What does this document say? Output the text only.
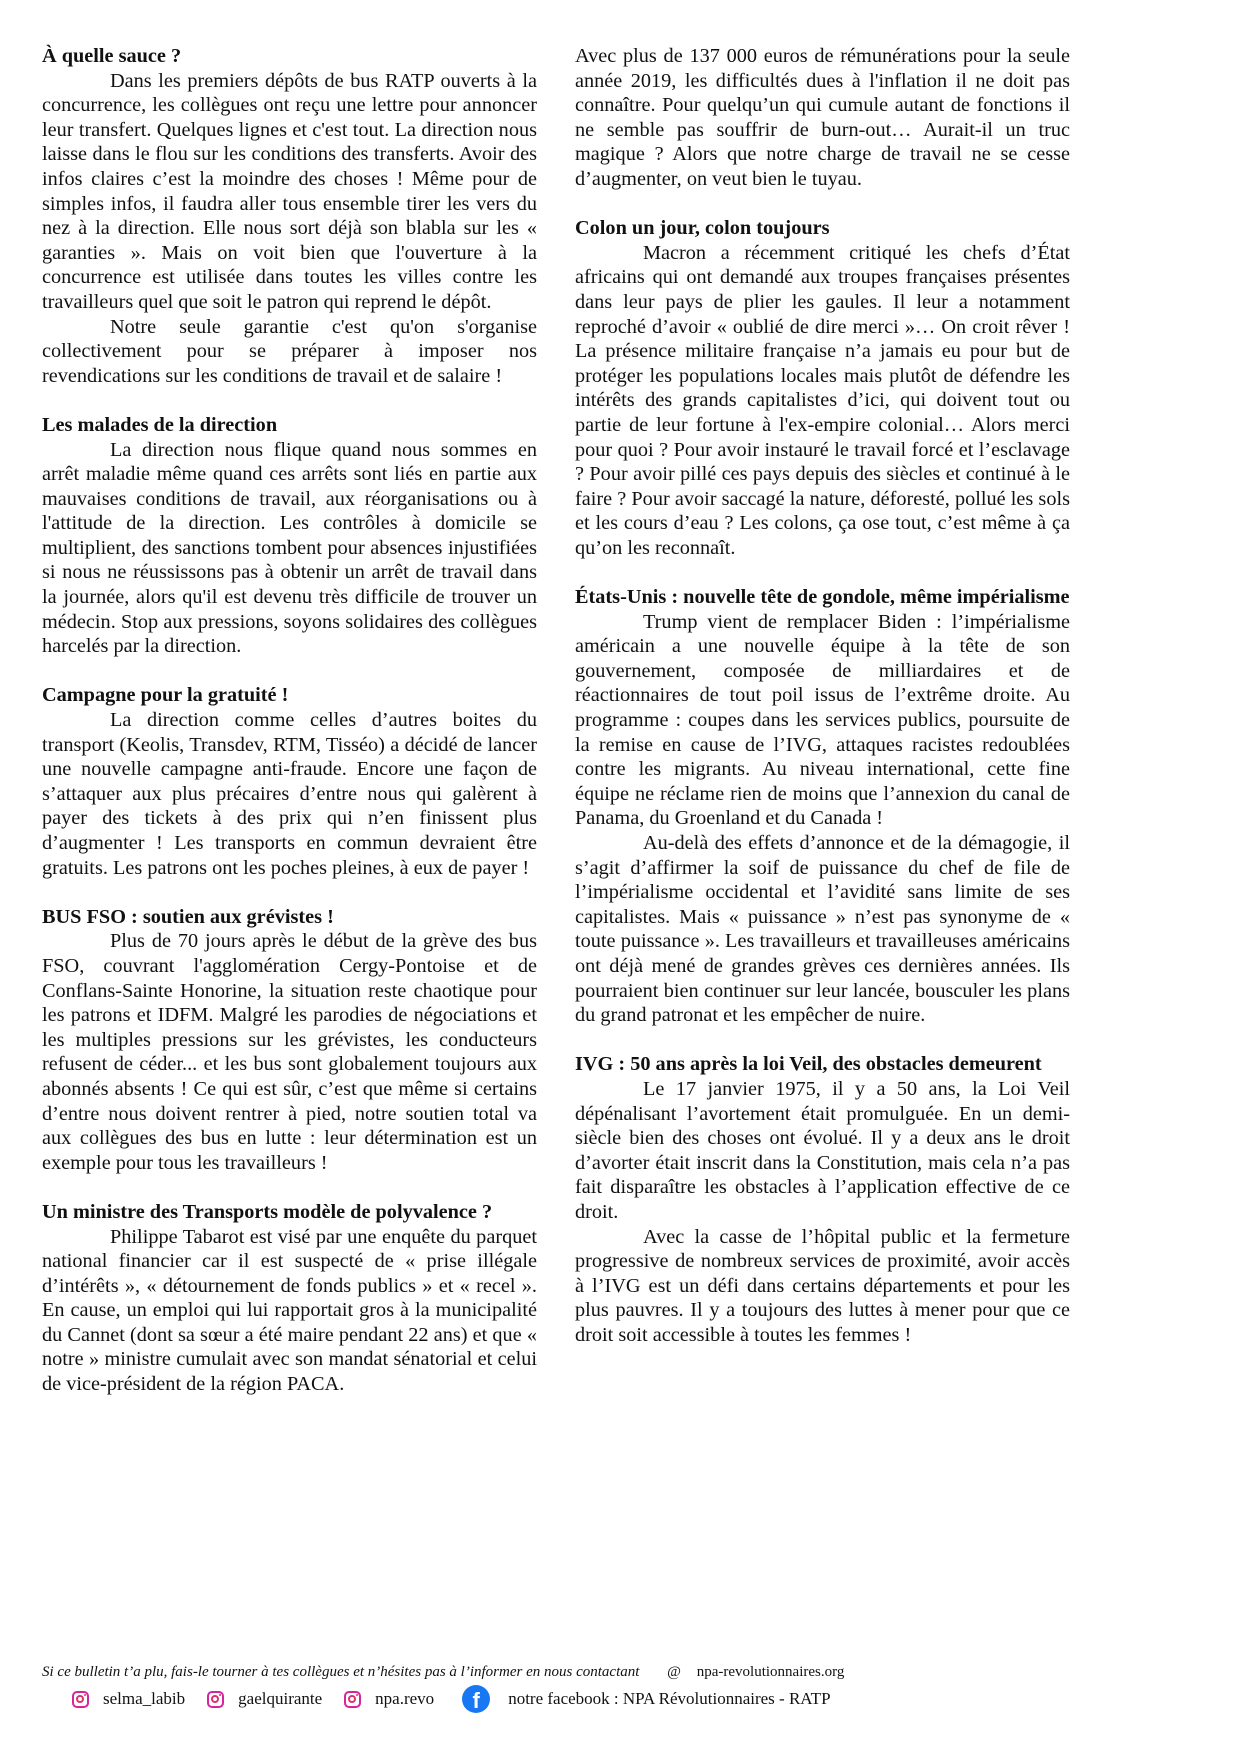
À quelle sauce ?

Dans les premiers dépôts de bus RATP ouverts à la concurrence, les collègues ont reçu une lettre pour annoncer leur transfert. Quelques lignes et c'est tout. La direction nous laisse dans le flou sur les conditions des transferts. Avoir des infos claires c’est la moindre des choses ! Même pour de simples infos, il faudra aller tous ensemble tirer les vers du nez à la direction. Elle nous sort déjà son blabla sur les « garanties ». Mais on voit bien que l'ouverture à la concurrence est utilisée dans toutes les villes contre les travailleurs quel que soit le patron qui reprend le dépôt.

Notre seule garantie c'est qu'on s'organise collectivement pour se préparer à imposer nos revendications sur les conditions de travail et de salaire !

Les malades de la direction

La direction nous flique quand nous sommes en arrêt maladie même quand ces arrêts sont liés en partie aux mauvaises conditions de travail, aux réorganisations ou à l'attitude de la direction. Les contrôles à domicile se multiplient, des sanctions tombent pour absences injustifiées si nous ne réussissons pas à obtenir un arrêt de travail dans la journée, alors qu'il est devenu très difficile de trouver un médecin. Stop aux pressions, soyons solidaires des collègues harcelés par la direction.

Campagne pour la gratuité !

La direction comme celles d’autres boites du transport (Keolis, Transdev, RTM, Tisséo) a décidé de lancer une nouvelle campagne anti-fraude. Encore une façon de s’attaquer aux plus précaires d’entre nous qui galèrent à payer des tickets à des prix qui n’en finissent plus d’augmenter ! Les transports en commun devraient être gratuits. Les patrons ont les poches pleines, à eux de payer !

BUS FSO : soutien aux grévistes !

Plus de 70 jours après le début de la grève des bus FSO, couvrant l'agglomération Cergy-Pontoise et de Conflans-Sainte Honorine, la situation reste chaotique pour les patrons et IDFM. Malgré les parodies de négociations et les multiples pressions sur les grévistes, les conducteurs refusent de céder... et les bus sont globalement toujours aux abonnés absents ! Ce qui est sûr, c’est que même si certains d’entre nous doivent rentrer à pied, notre soutien total va aux collègues des bus en lutte : leur détermination est un exemple pour tous les travailleurs !

Un ministre des Transports modèle de polyvalence ?

Philippe Tabarot est visé par une enquête du parquet national financier car il est suspecté de « prise illégale d’intérêts », « détournement de fonds publics » et « recel ». En cause, un emploi qui lui rapportait gros à la municipalité du Cannet (dont sa sœur a été maire pendant 22 ans) et que « notre » ministre cumulait avec son mandat sénatorial et celui de vice-président de la région PACA.

Avec plus de 137 000 euros de rémunérations pour la seule année 2019, les difficultés dues à l'inflation il ne doit pas connaître. Pour quelqu’un qui cumule autant de fonctions il ne semble pas souffrir de burn-out… Aurait-il un truc magique ? Alors que notre charge de travail ne se cesse d’augmenter, on veut bien le tuyau.

Colon un jour, colon toujours

Macron a récemment critiqué les chefs d’État africains qui ont demandé aux troupes françaises présentes dans leur pays de plier les gaules. Il leur a notamment reproché d’avoir « oublié de dire merci »… On croit rêver ! La présence militaire française n’a jamais eu pour but de protéger les populations locales mais plutôt de défendre les intérêts des grands capitalistes d’ici, qui doivent tout ou partie de leur fortune à l'ex-empire colonial… Alors merci pour quoi ? Pour avoir instauré le travail forcé et l’esclavage ? Pour avoir pillé ces pays depuis des siècles et continué à le faire ? Pour avoir saccagé la nature, déforesté, pollué les sols et les cours d’eau ? Les colons, ça ose tout, c’est même à ça qu’on les reconnaît.

États-Unis : nouvelle tête de gondole, même impérialisme

Trump vient de remplacer Biden : l’impérialisme américain a une nouvelle équipe à la tête de son gouvernement, composée de milliardaires et de réactionnaires de tout poil issus de l’extrême droite. Au programme : coupes dans les services publics, poursuite de la remise en cause de l’IVG, attaques racistes redoublées contre les migrants. Au niveau international, cette fine équipe ne réclame rien de moins que l’annexion du canal de Panama, du Groenland et du Canada !

Au-delà des effets d’annonce et de la démagogie, il s’agit d’affirmer la soif de puissance du chef de file de l’impérialisme occidental et l’avidité sans limite de ses capitalistes. Mais « puissance » n’est pas synonyme de « toute puissance ». Les travailleurs et travailleuses américains ont déjà mené de grandes grèves ces dernières années. Ils pourraient bien continuer sur leur lancée, bousculer les plans du grand patronat et les empêcher de nuire.

IVG : 50 ans après la loi Veil, des obstacles demeurent

Le 17 janvier 1975, il y a 50 ans, la Loi Veil dépénalisant l’avortement était promulguée. En un demi-siècle bien des choses ont évolué. Il y a deux ans le droit d’avorter était inscrit dans la Constitution, mais cela n’a pas fait disparaître les obstacles à l’application effective de ce droit.

Avec la casse de l’hôpital public et la fermeture progressive de nombreux services de proximité, avoir accès à l’IVG est un défi dans certains départements et pour les plus pauvres. Il y a toujours des luttes à mener pour que ce droit soit accessible à toutes les femmes !

Si ce bulletin t’a plu, fais-le tourner à tes collègues et n’hésites pas à l’informer en nous contactant @ npa-revolutionnaires.org
selma_labib	gaelquirante	npa.revo	f	notre facebook : NPA Révolutionnaires - RATP
